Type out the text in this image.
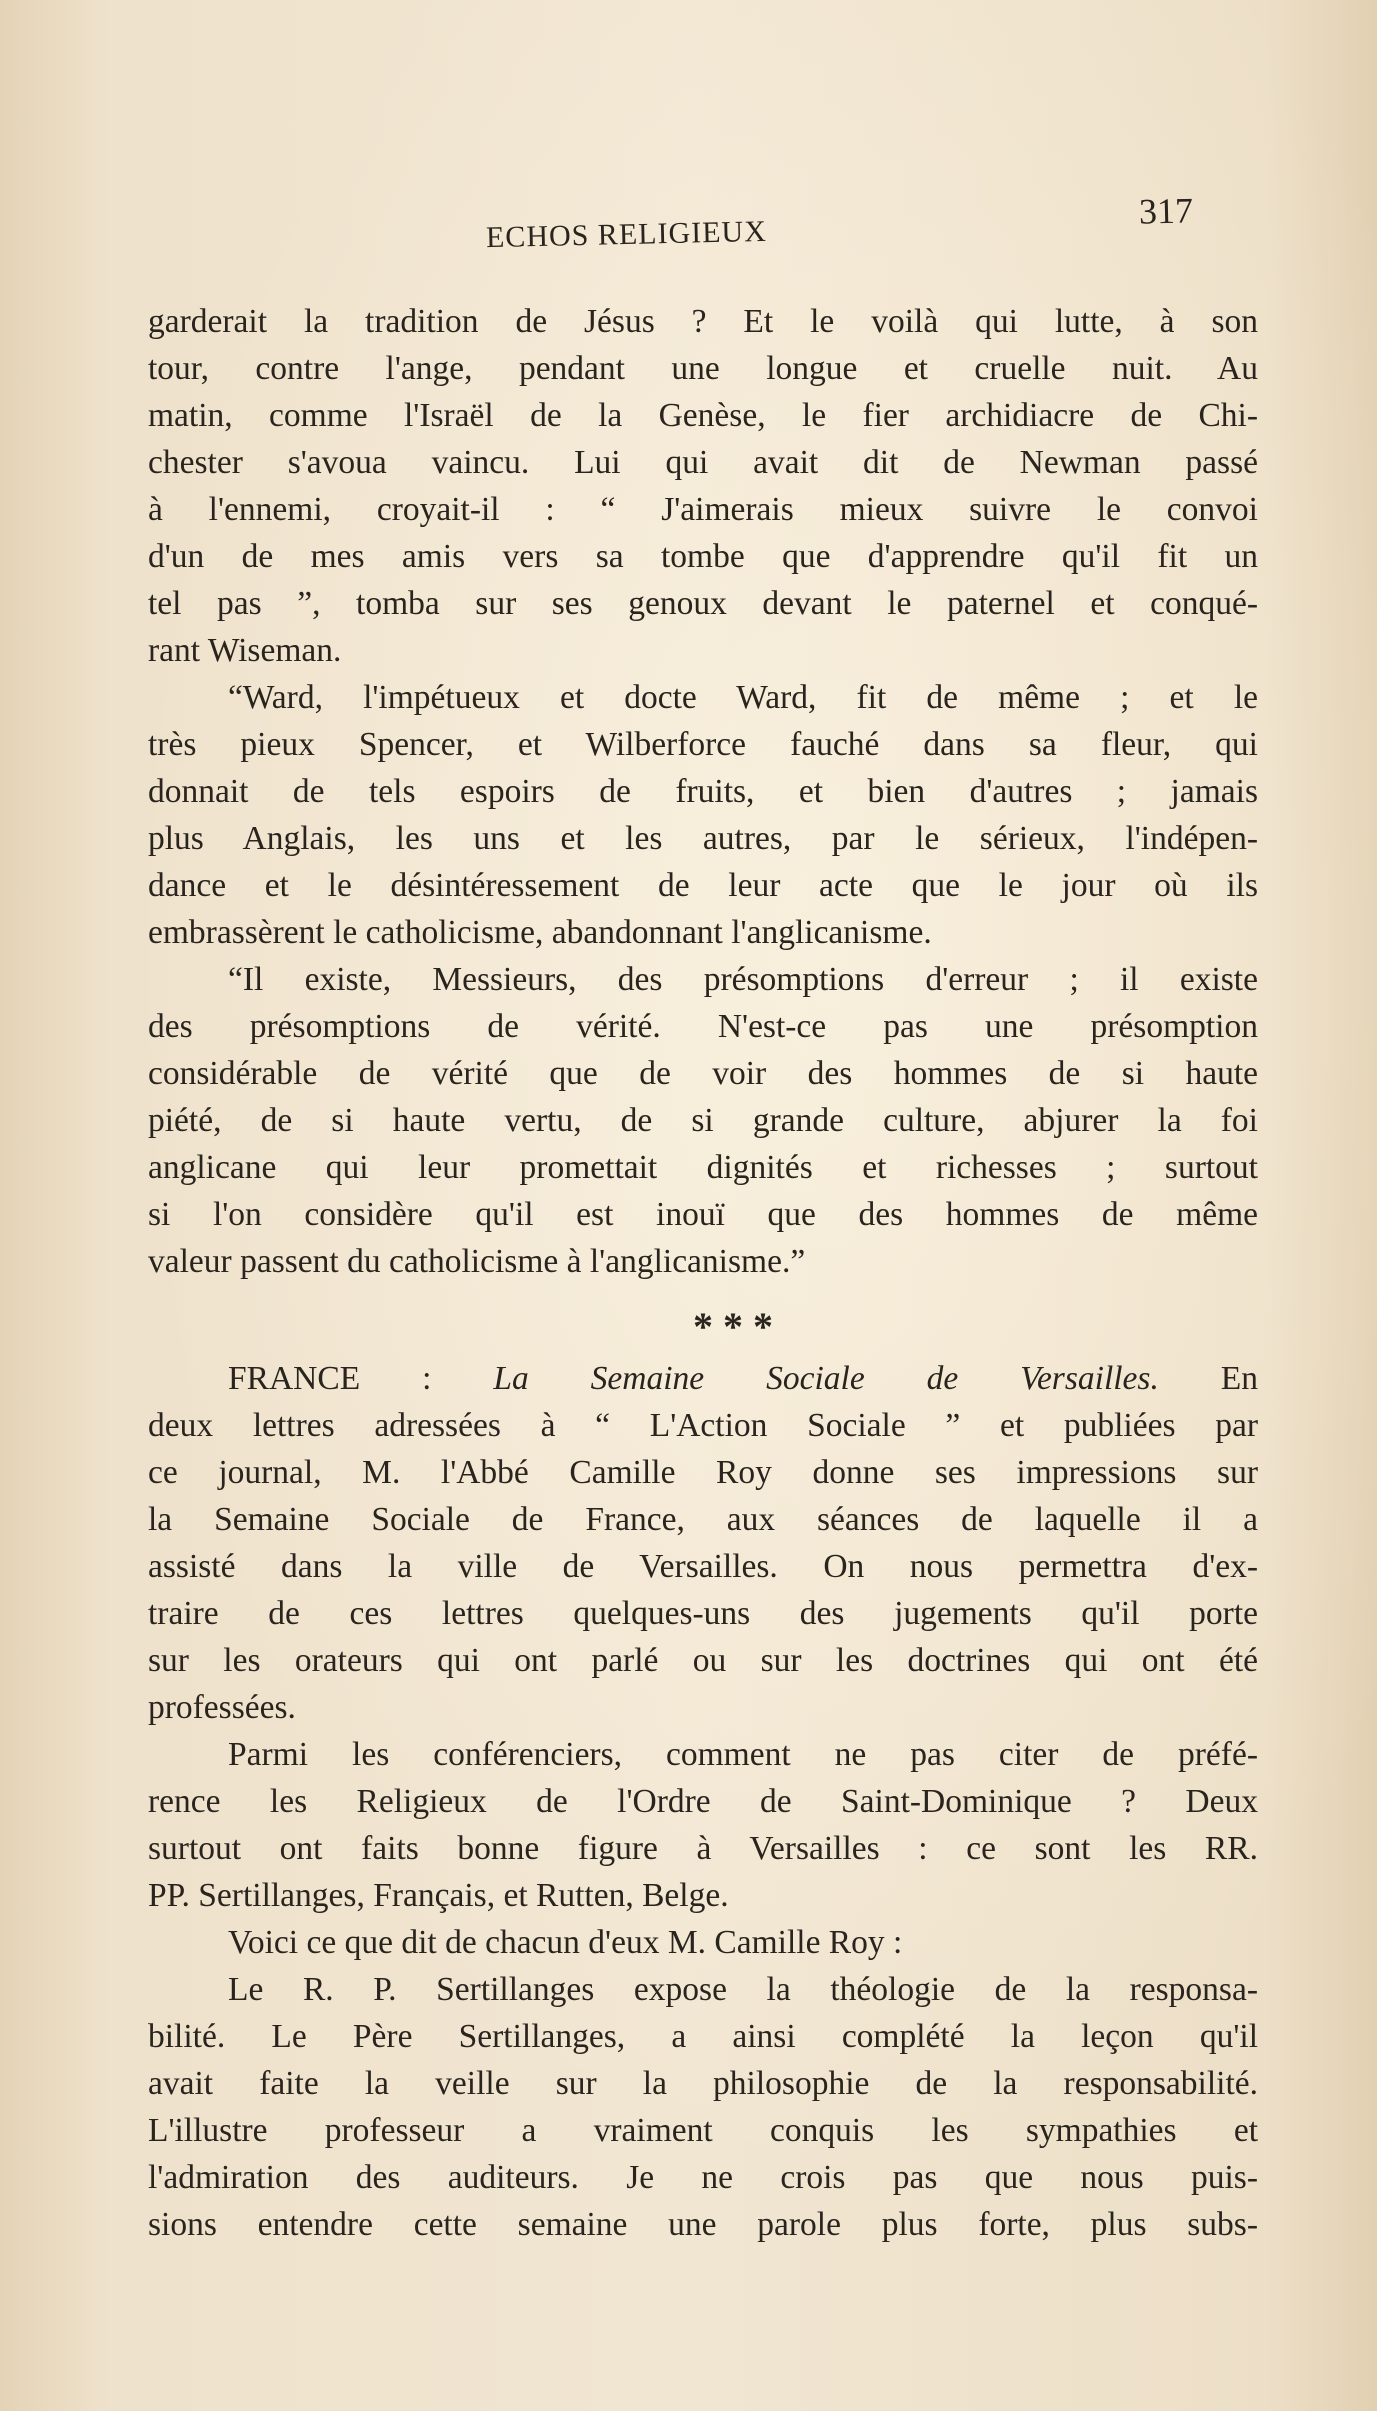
ECHOS RELIGIEUX
317
garderait la tradition de Jésus ? Et le voilà qui lutte, à son
tour, contre l'ange, pendant une longue et cruelle nuit. Au
matin, comme l'Israël de la Genèse, le fier archidiacre de Chi-
chester s'avoua vaincu. Lui qui avait dit de Newman passé
à l'ennemi, croyait-il : “ J'aimerais mieux suivre le convoi
d'un de mes amis vers sa tombe que d'apprendre qu'il fit un
tel pas ”, tomba sur ses genoux devant le paternel et conqué-
rant Wiseman.
“Ward, l'impétueux et docte Ward, fit de même ; et le
très pieux Spencer, et Wilberforce fauché dans sa fleur, qui
donnait de tels espoirs de fruits, et bien d'autres ; jamais
plus Anglais, les uns et les autres, par le sérieux, l'indépen-
dance et le désintéressement de leur acte que le jour où ils
embrassèrent le catholicisme, abandonnant l'anglicanisme.
“Il existe, Messieurs, des présomptions d'erreur ; il existe
des présomptions de vérité. N'est-ce pas une présomption
considérable de vérité que de voir des hommes de si haute
piété, de si haute vertu, de si grande culture, abjurer la foi
anglicane qui leur promettait dignités et richesses ; surtout
si l'on considère qu'il est inouï que des hommes de même
valeur passent du catholicisme à l'anglicanisme.”
***
FRANCE : La Semaine Sociale de Versailles. En
deux lettres adressées à “ L'Action Sociale ” et publiées par
ce journal, M. l'Abbé Camille Roy donne ses impressions sur
la Semaine Sociale de France, aux séances de laquelle il a
assisté dans la ville de Versailles. On nous permettra d'ex-
traire de ces lettres quelques-uns des jugements qu'il porte
sur les orateurs qui ont parlé ou sur les doctrines qui ont été
professées.
Parmi les conférenciers, comment ne pas citer de préfé-
rence les Religieux de l'Ordre de Saint-Dominique ? Deux
surtout ont faits bonne figure à Versailles : ce sont les RR.
PP. Sertillanges, Français, et Rutten, Belge.
Voici ce que dit de chacun d'eux M. Camille Roy :
Le R. P. Sertillanges expose la théologie de la responsa-
bilité. Le Père Sertillanges, a ainsi complété la leçon qu'il
avait faite la veille sur la philosophie de la responsabilité.
L'illustre professeur a vraiment conquis les sympathies et
l'admiration des auditeurs. Je ne crois pas que nous puis-
sions entendre cette semaine une parole plus forte, plus subs-
